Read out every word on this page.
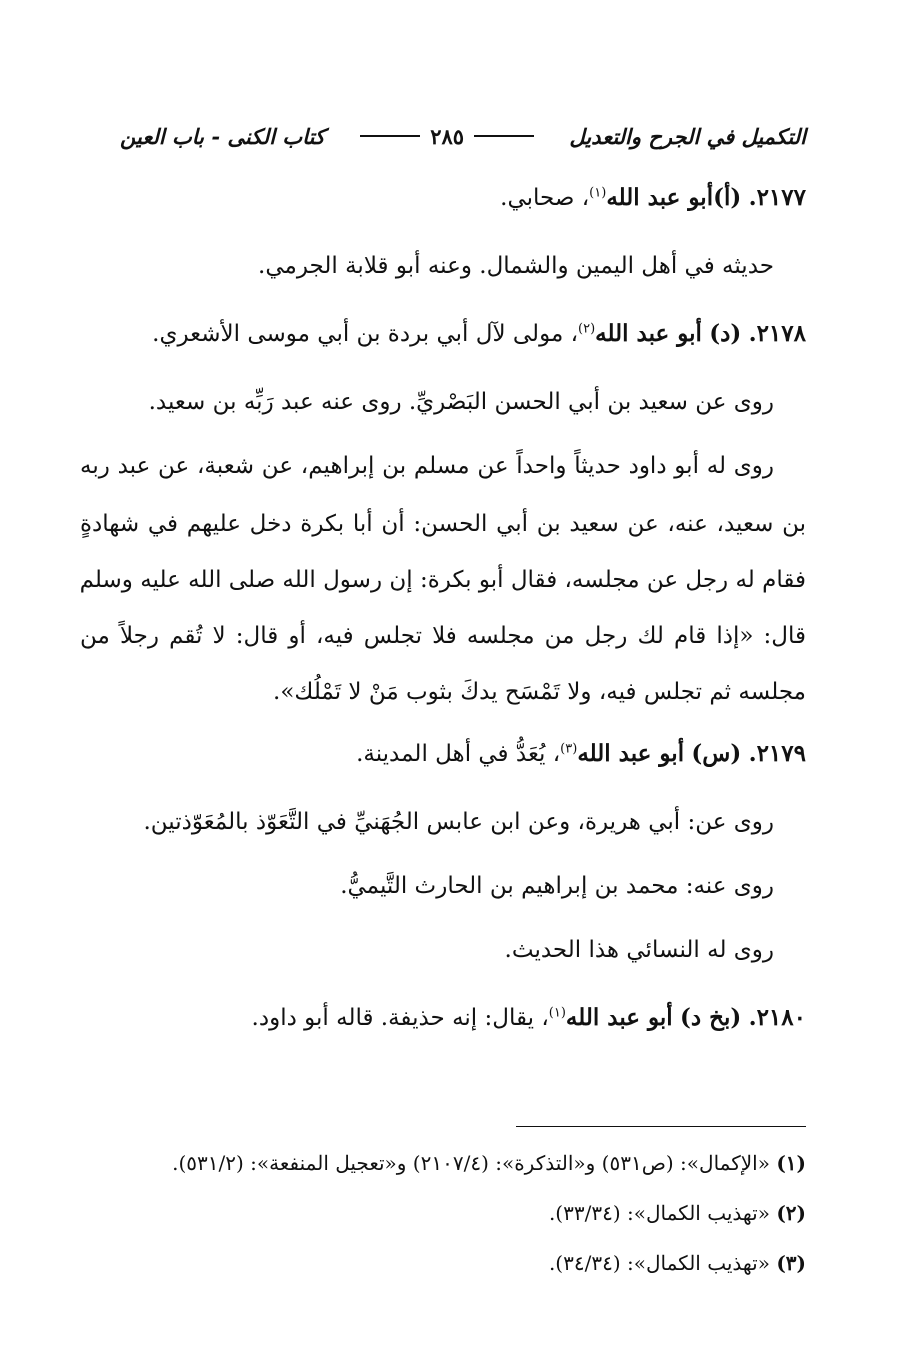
التكميل في الجرح والتعديل
٢٨٥
كتاب الكنى - باب العين
٢١٧٧. (أ)أبو عبد الله$^{(١)}$، صحابي.
حديثه في أهل اليمين والشمال. وعنه أبو قلابة الجرمي.
٢١٧٨. (د) أبو عبد الله$^{(٢)}$، مولى لآل أبي بردة بن أبي موسى الأشعري.
روى عن سعيد بن أبي الحسن البَصْريِّ. روى عنه عبد رَبِّه بن سعيد.
روى له أبو داود حديثاً واحداً عن مسلم بن إبراهيم، عن شعبة، عن عبد ربه
بن سعيد، عنه، عن سعيد بن أبي الحسن: أن أبا بكرة دخل عليهم في شهادةٍ
فقام له رجل عن مجلسه، فقال أبو بكرة: إن رسول الله صلى الله عليه وسلم
قال: «إذا قام لك رجل من مجلسه فلا تجلس فيه، أو قال: لا تُقم رجلاً من
مجلسه ثم تجلس فيه، ولا تَمْسَح يدكَ بثوب مَنْ لا تَمْلُك».
٢١٧٩. (س) أبو عبد الله$^{(٣)}$، يُعَدُّ في أهل المدينة.
روى عن: أبي هريرة، وعن ابن عابس الجُهَنيِّ في التَّعَوّذ بالمُعَوّذتين.
روى عنه: محمد بن إبراهيم بن الحارث التَّيميُّ.
روى له النسائي هذا الحديث.
٢١٨٠. (بخ د) أبو عبد الله$^{(١)}$، يقال: إنه حذيفة. قاله أبو داود.
(١) «الإكمال»: (ص٥٣١) و«التذكرة»: (٢١٠٧/٤) و«تعجيل المنفعة»: (٥٣١/٢).
(٢) «تهذيب الكمال»: (٣٣/٣٤).
(٣) «تهذيب الكمال»: (٣٤/٣٤).
